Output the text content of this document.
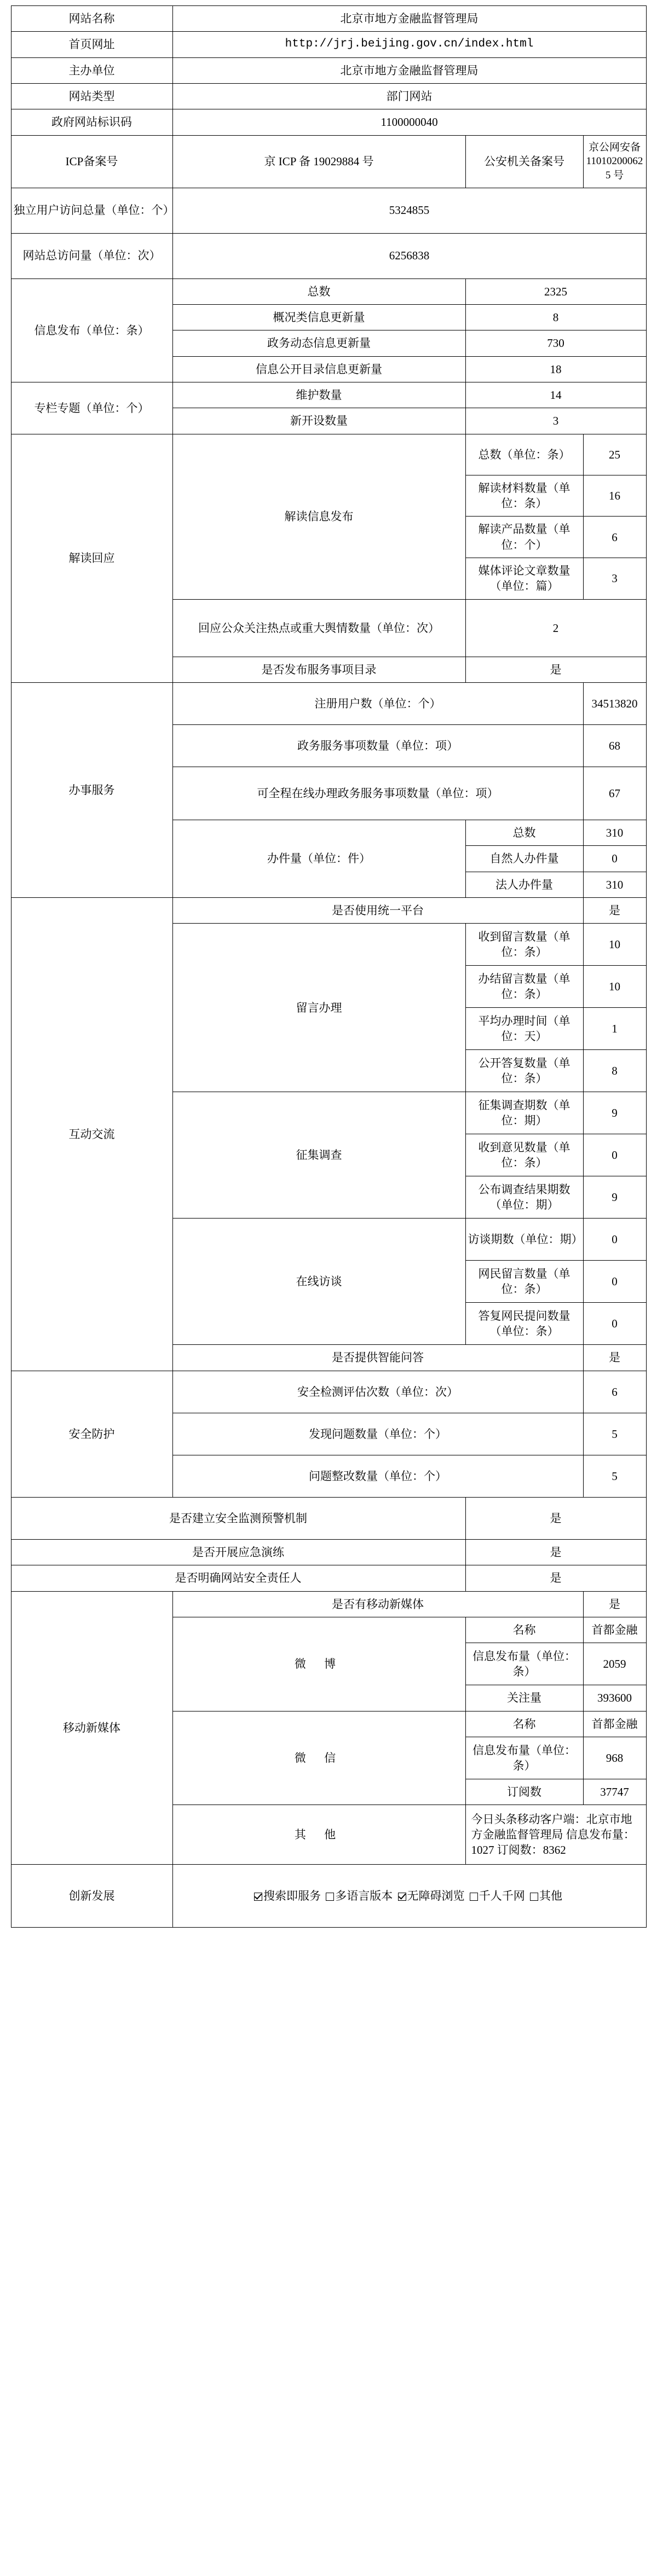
网站名称	北京市地方金融监督管理局		
首页网址	http://jrj.beijing.gov.cn/index.html		
主办单位	北京市地方金融监督管理局		
网站类型	部门网站		
政府网站标识码	1100000040		
ICP备案号	京 ICP 备 19029884 号	公安机关备案号	京公网安备 11010200062 5 号
独立用户访问总量（单位：个）	5324855		
网站总访问量（单位：次）	6256838		
信息发布（单位：条）	总数	2325	
	概况类信息更新量	8	
	政务动态信息更新量	730	
	信息公开目录信息更新量	18	
专栏专题（单位：个）	维护数量	14	
	新开设数量	3	
解读回应	解读信息发布	总数（单位：条）	25
		解读材料数量（单位：条）	16
		解读产品数量（单位：个）	6
		媒体评论文章数量（单位：篇）	3
	回应公众关注热点或重大舆情数量（单位：次）	2	
	是否发布服务事项目录	是	
办事服务	注册用户数（单位：个）		34513820
	政务服务事项数量（单位：项）		68
	可全程在线办理政务服务事项数量（单位：项）		67
	办件量（单位：件）	总数	310
		自然人办件量	0
		法人办件量	310
互动交流	是否使用统一平台		是
	留言办理	收到留言数量（单位：条）	10
		办结留言数量（单位：条）	10
		平均办理时间（单位：天）	1
		公开答复数量（单位：条）	8
	征集调查	征集调查期数（单位：期）	9
		收到意见数量（单位：条）	0
		公布调查结果期数（单位：期）	9
	在线访谈	访谈期数（单位：期）	0
		网民留言数量（单位：条）	0
		答复网民提问数量（单位：条）	0
	是否提供智能问答		是
安全防护	安全检测评估次数（单位：次）		6
	发现问题数量（单位：个）		5
	问题整改数量（单位：个）		5
是否建立安全监测预警机制		是	
是否开展应急演练		是	
是否明确网站安全责任人		是	
移动新媒体	是否有移动新媒体		是
	微 博	名称	首都金融
		信息发布量（单位：条）	2059
		关注量	393600
	微 信	名称	首都金融
		信息发布量（单位：条）	968
		订阅数	37747
	其 他	今日头条移动客户端：北京市地方金融监督管理局 信息发布量：1027 订阅数：8362	
创新发展	搜索即服务 多语言版本 无障碍浏览 千人千网 其他		
